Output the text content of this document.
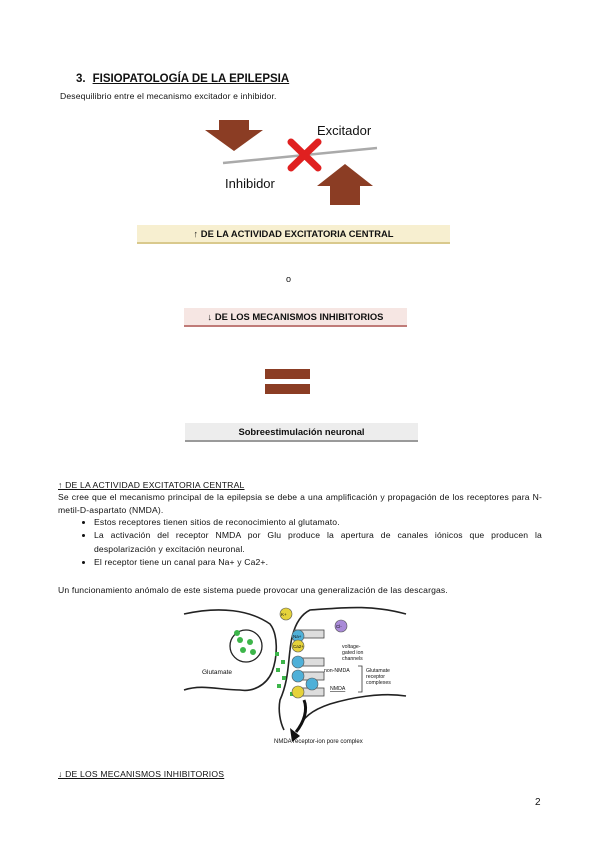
3. FISIOPATOLOGÍA DE LA EPILEPSIA
Desequilibrio entre el mecanismo excitador e inhibidor.
Excitador
Inhibidor
↑ DE LA ACTIVIDAD EXCITATORIA CENTRAL
o
↓ DE LOS MECANISMOS INHIBITORIOS
Sobreestimulación neuronal
↑ DE LA ACTIVIDAD EXCITATORIA CENTRAL
Se cree que el mecanismo principal de la epilepsia se debe a una amplificación y propagación de los receptores para N-metil-D-aspartato (NMDA).
• Estos receptores tienen sitios de reconocimiento al glutamato.
• La activación del receptor NMDA por Glu produce la apertura de canales iónicos que producen la despolarización y excitación neuronal.
• El receptor tiene un canal para Na+ y Ca2+.
Un funcionamiento anómalo de este sistema puede provocar una generalización de las descargas.
Glutamate
K+
Na+
Ca2+
Cl-
voltage- gated ion channels
non-NMDA	Glutamate receptor complexes
NMDA
NMDA receptor-ion pore complex
↓ DE LOS MECANISMOS INHIBITORIOS
2
